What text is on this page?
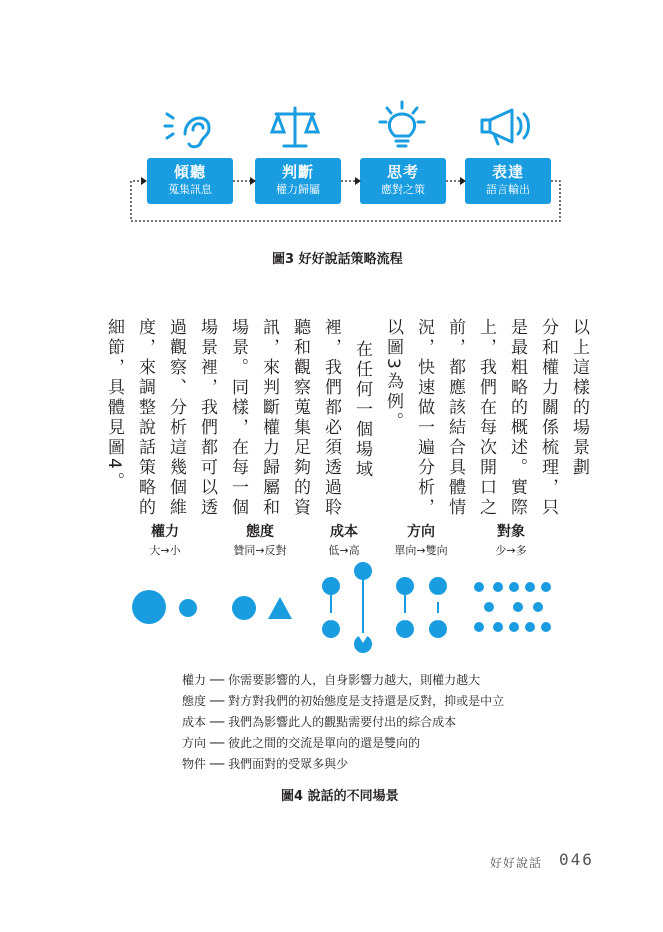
傾聽
蒐集訊息
判斷
權力歸屬
思考
應對之策
表達
語言輸出
圖3 好好說話策略流程
以上這樣的場景劃
分和權力關係梳理，只
是最粗略的概述。實際
上，我們在每次開口之
前，都應該結合具體情
況，快速做一遍分析，
以圖3為例。
在任何一個場域
裡，我們都必須透過聆
聽和觀察蒐集足夠的資
訊，來判斷權力歸屬和
場景。同樣，在每一個
場景裡，我們都可以透
過觀察、分析這幾個維
度，來調整說話策略的
細節，具體見圖4。
權力
大→小
態度
贊同→反對
成本
低→高
方向
單向→雙向
對象
少→多
權力 ── 你需要影響的人，自身影響力越大，則權力越大
態度 ── 對方對我們的初始態度是支持還是反對，抑或是中立
成本 ── 我們為影響此人的觀點需要付出的綜合成本
方向 ── 彼此之間的交流是單向的還是雙向的
物件 ── 我們面對的受眾多與少
圖4 說話的不同場景
好好說話 046
